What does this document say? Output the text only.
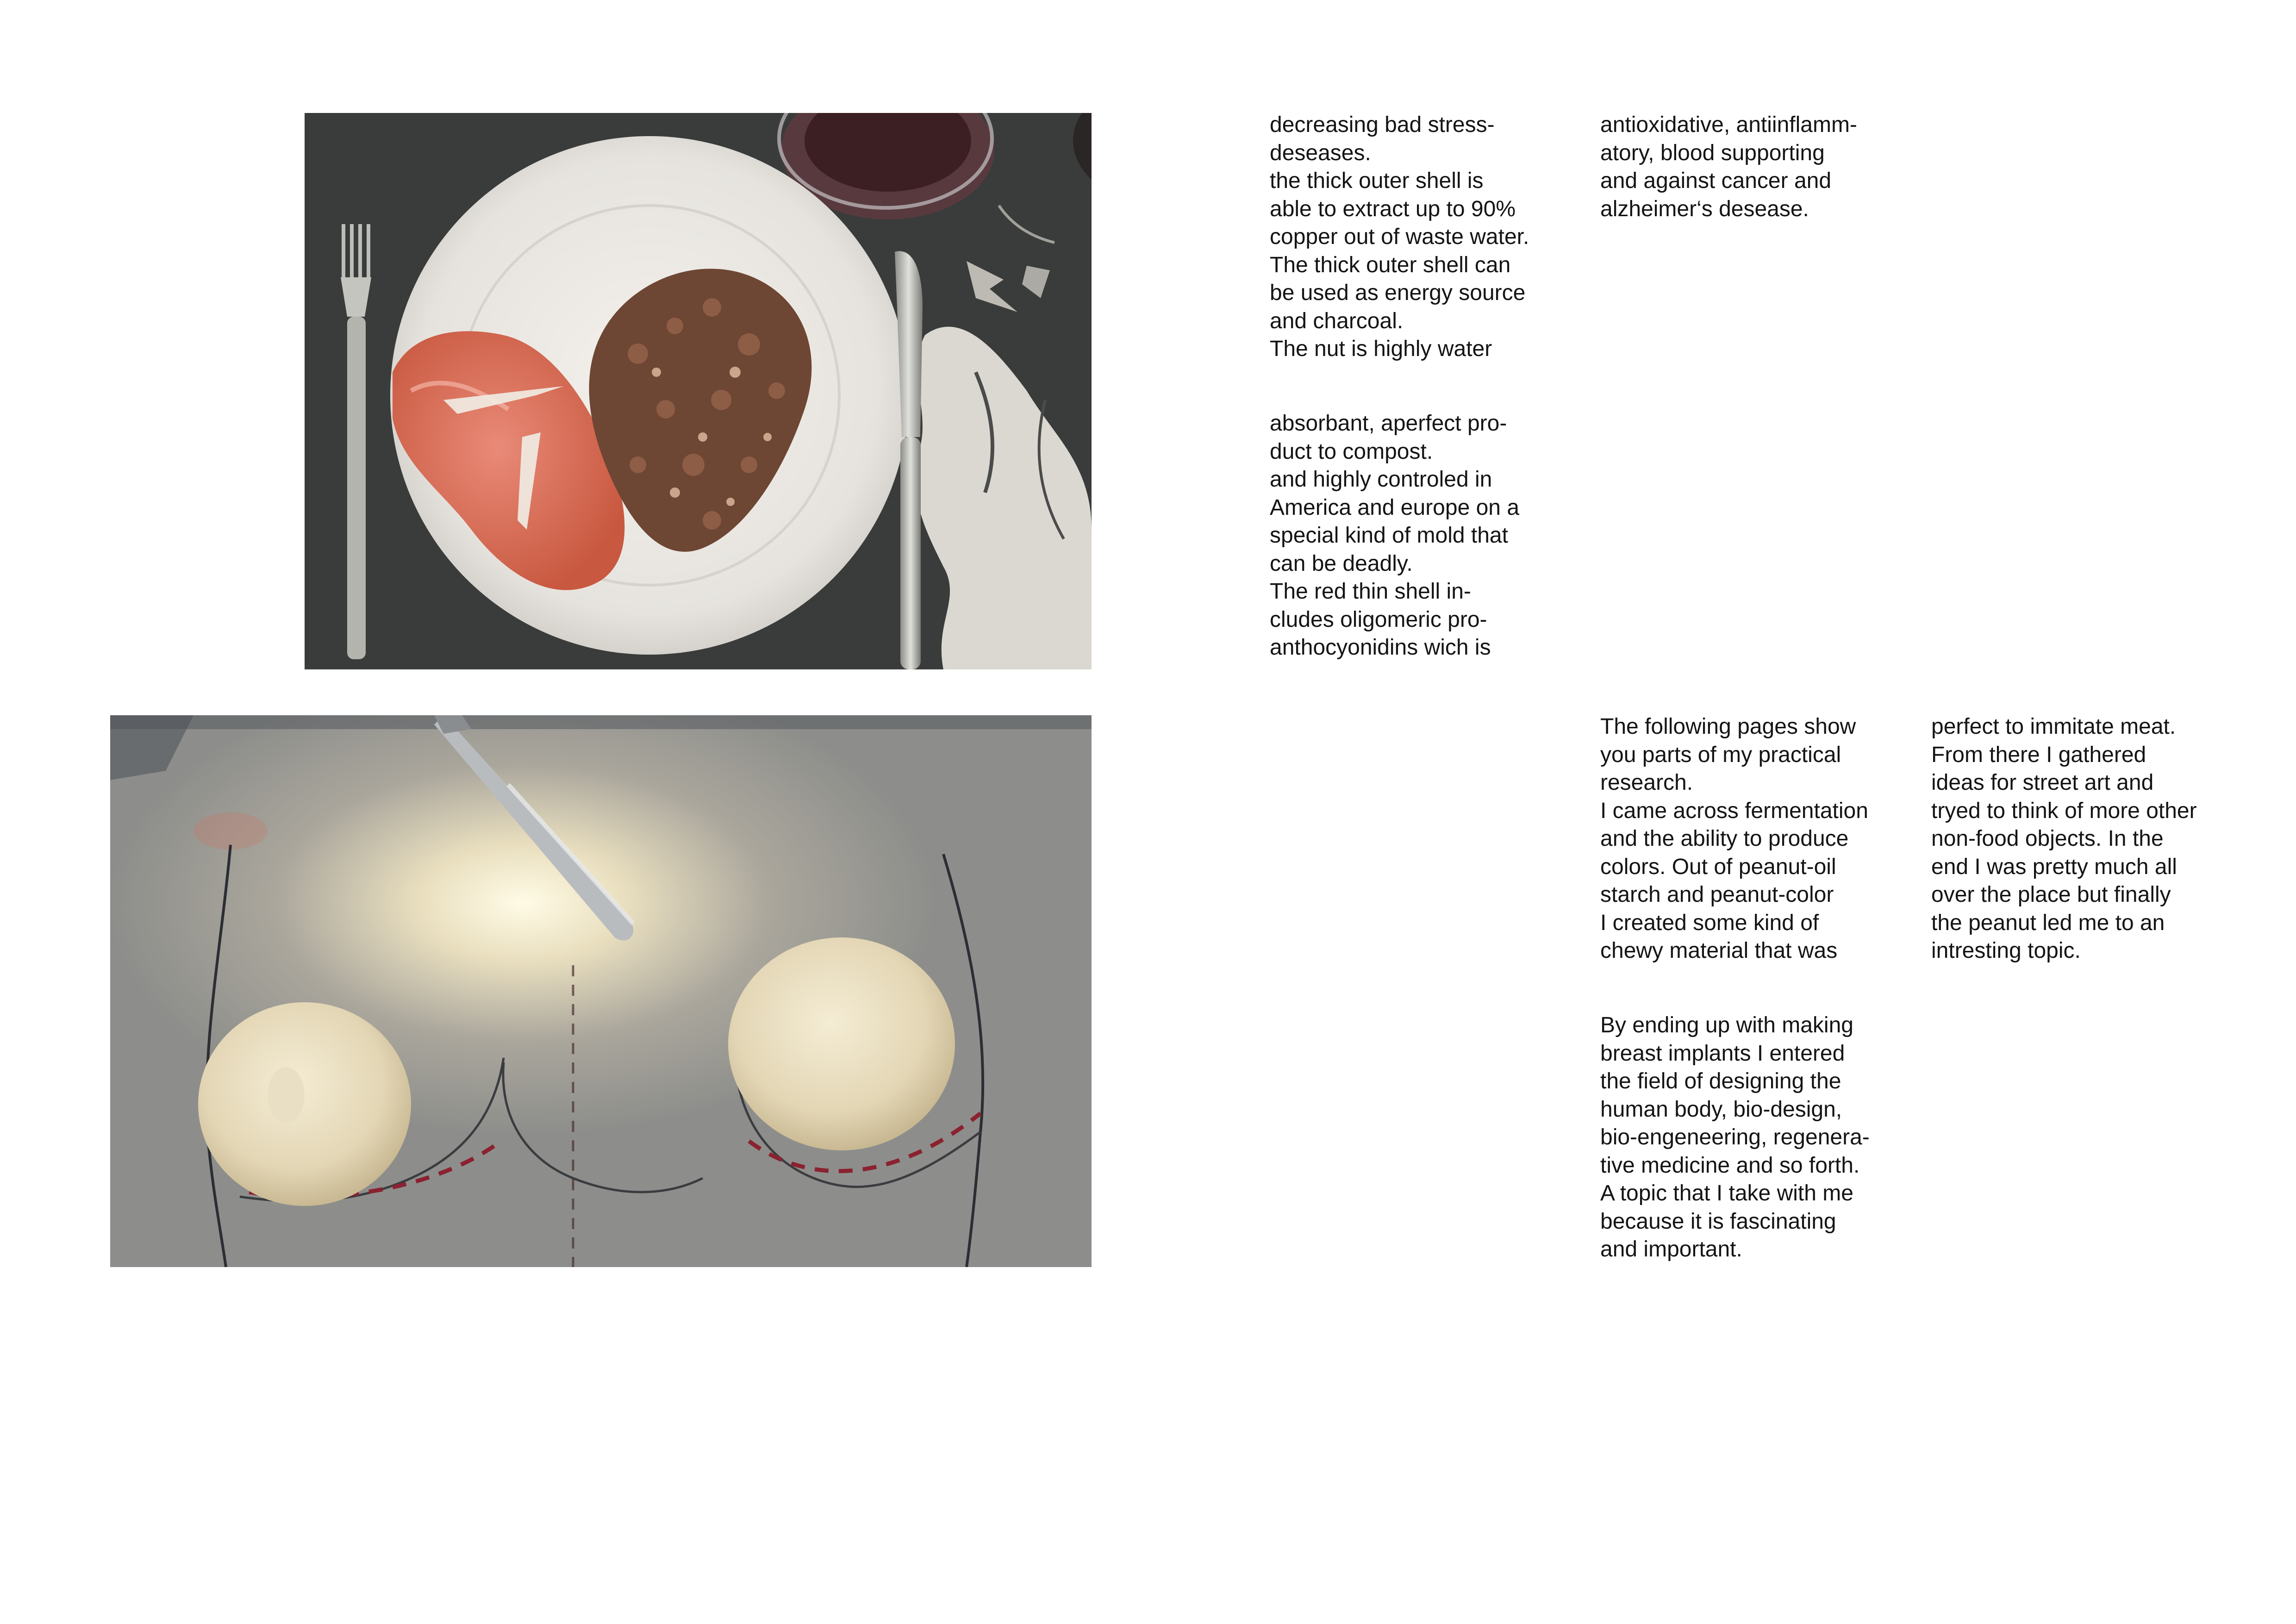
decreasing bad stress-
deseases.
the thick outer shell is
able to extract up to 90%
copper out of waste water.
The thick outer shell can
be used as energy source
and charcoal.
The nut is highly water

absorbant, aperfect pro-
duct to compost.
and highly controled in
America and europe on a
special kind of mold that
can be deadly.
The red thin shell in-
cludes oligomeric pro-
anthocyonidins wich is

antioxidative, antiinflamm-
atory, blood supporting
and against cancer and
alzheimer‘s desease.

The following pages show
you parts of my practical
research.
I came across fermentation
and the ability to produce
colors. Out of peanut-oil
starch and peanut-color
I created some kind of
chewy material that was

By ending up with making
breast implants I entered
the field of designing the
human body, bio-design,
bio-engeneering, regenera-
tive medicine and so forth.
A topic that I take with me
because it is fascinating
and important.

perfect to immitate meat.
From there I gathered
ideas for street art and
tryed to think of more other
non-food objects. In the
end I was pretty much all
over the place but finally
the peanut led me to an
intresting topic.
